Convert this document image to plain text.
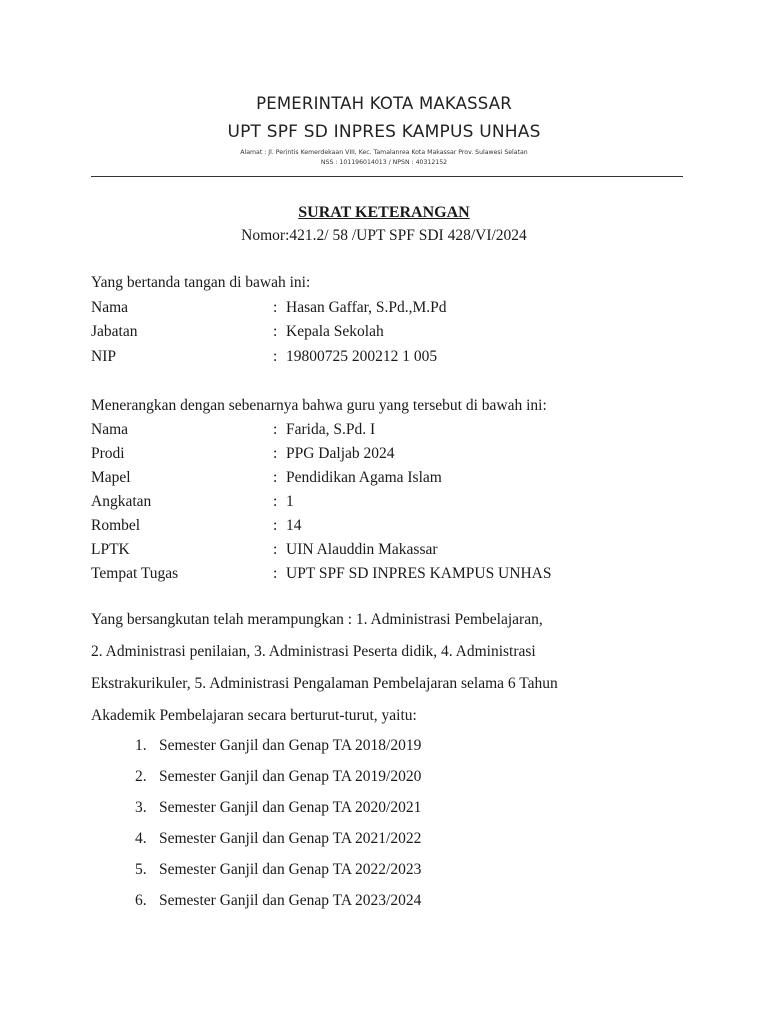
PEMERINTAH KOTA MAKASSAR
UPT SPF SD INPRES KAMPUS UNHAS
Alamat : Jl. Perintis Kemerdekaan VIII, Kec. Tamalanrea Kota Makassar Prov. Sulawesi Selatan
NSS : 101196014013 / NPSN : 40312152
SURAT KETERANGAN
Nomor:421.2/ 58 /UPT SPF SDI 428/VI/2024
Yang bertanda tangan di bawah ini:
Nama	: Hasan Gaffar, S.Pd.,M.Pd
Jabatan	: Kepala Sekolah
NIP	: 19800725 200212 1 005
Menerangkan dengan sebenarnya bahwa guru yang tersebut di bawah ini:
Nama	: Farida, S.Pd. I
Prodi	: PPG Daljab 2024
Mapel	: Pendidikan Agama Islam
Angkatan	: 1
Rombel	: 14
LPTK	: UIN Alauddin Makassar
Tempat Tugas	: UPT SPF SD INPRES KAMPUS UNHAS
Yang bersangkutan telah merampungkan : 1. Administrasi Pembelajaran,
2. Administrasi penilaian, 3. Administrasi Peserta didik, 4. Administrasi
Ekstrakurikuler, 5. Administrasi Pengalaman Pembelajaran selama 6 Tahun
Akademik Pembelajaran secara berturut-turut, yaitu:
1. Semester Ganjil dan Genap TA 2018/2019
2. Semester Ganjil dan Genap TA 2019/2020
3. Semester Ganjil dan Genap TA 2020/2021
4. Semester Ganjil dan Genap TA 2021/2022
5. Semester Ganjil dan Genap TA 2022/2023
6. Semester Ganjil dan Genap TA 2023/2024
